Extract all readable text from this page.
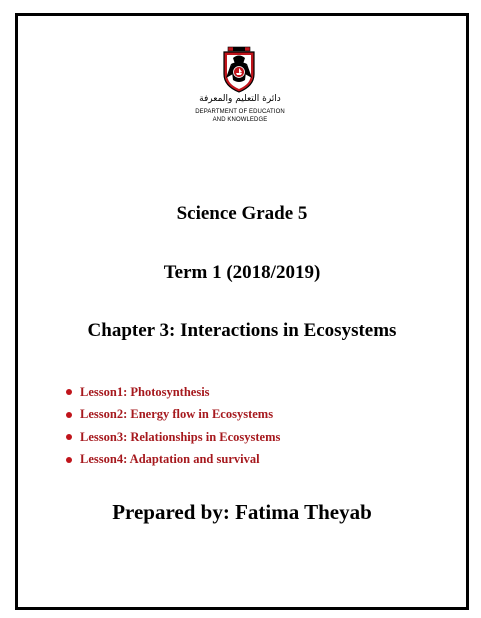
دائرة التعليم والمعرفة
DEPARTMENT OF EDUCATION
AND KNOWLEDGE
Science Grade 5
Term 1 (2018/2019)
Chapter 3: Interactions in Ecosystems
Lesson1: Photosynthesis
Lesson2: Energy flow in Ecosystems
Lesson3: Relationships in Ecosystems
Lesson4: Adaptation and survival
Prepared by: Fatima Theyab
